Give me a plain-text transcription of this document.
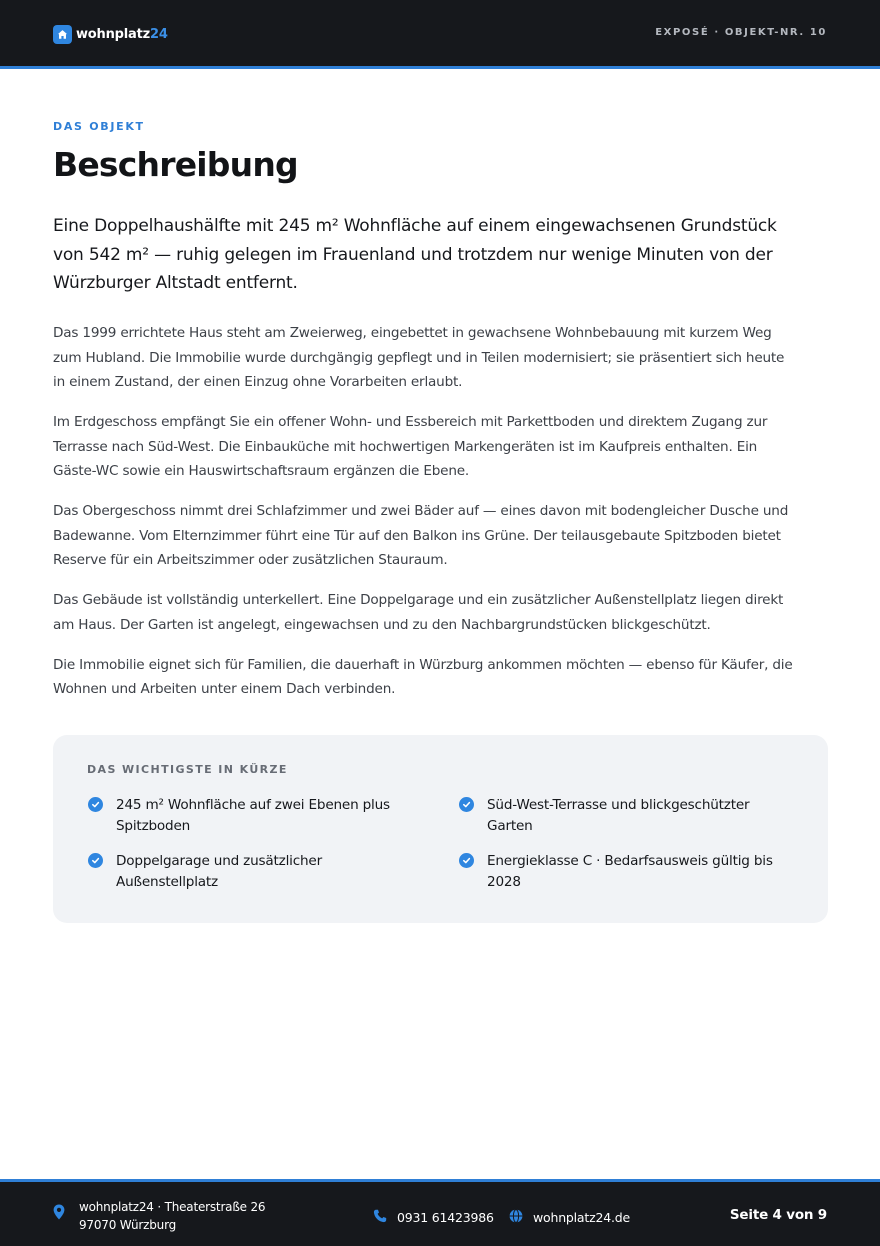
wohnplatz24	EXPOSÉ · OBJEKT-NR. 10
DAS OBJEKT
Beschreibung

Eine Doppelhaushälfte mit 245 m² Wohnfläche auf einem eingewachsenen Grundstück von 542 m² — ruhig gelegen im Frauenland und trotzdem nur wenige Minuten von der Würzburger Altstadt entfernt.

Das 1999 errichtete Haus steht am Zweierweg, eingebettet in gewachsene Wohnbebauung mit kurzem Weg zum Hubland. Die Immobilie wurde durchgängig gepflegt und in Teilen modernisiert; sie präsentiert sich heute in einem Zustand, der einen Einzug ohne Vorarbeiten erlaubt.

Im Erdgeschoss empfängt Sie ein offener Wohn- und Essbereich mit Parkettboden und direktem Zugang zur Terrasse nach Süd-West. Die Einbauküche mit hochwertigen Markengeräten ist im Kaufpreis enthalten. Ein Gäste-WC sowie ein Hauswirtschaftsraum ergänzen die Ebene.

Das Obergeschoss nimmt drei Schlafzimmer und zwei Bäder auf — eines davon mit bodengleicher Dusche und Badewanne. Vom Elternzimmer führt eine Tür auf den Balkon ins Grüne. Der teilausgebaute Spitzboden bietet Reserve für ein Arbeitszimmer oder zusätzlichen Stauraum.

Das Gebäude ist vollständig unterkellert. Eine Doppelgarage und ein zusätzlicher Außenstellplatz liegen direkt am Haus. Der Garten ist angelegt, eingewachsen und zu den Nachbargrundstücken blickgeschützt.

Die Immobilie eignet sich für Familien, die dauerhaft in Würzburg ankommen möchten — ebenso für Käufer, die Wohnen und Arbeiten unter einem Dach verbinden.

DAS WICHTIGSTE IN KÜRZE
245 m² Wohnfläche auf zwei Ebenen plus Spitzboden
Süd-West-Terrasse und blickgeschützter Garten
Doppelgarage und zusätzlicher Außenstellplatz
Energieklasse C · Bedarfsausweis gültig bis 2028
wohnplatz24 · Theaterstraße 26
97070 Würzburg	0931 61423986	wohnplatz24.de	Seite 4 von 9
